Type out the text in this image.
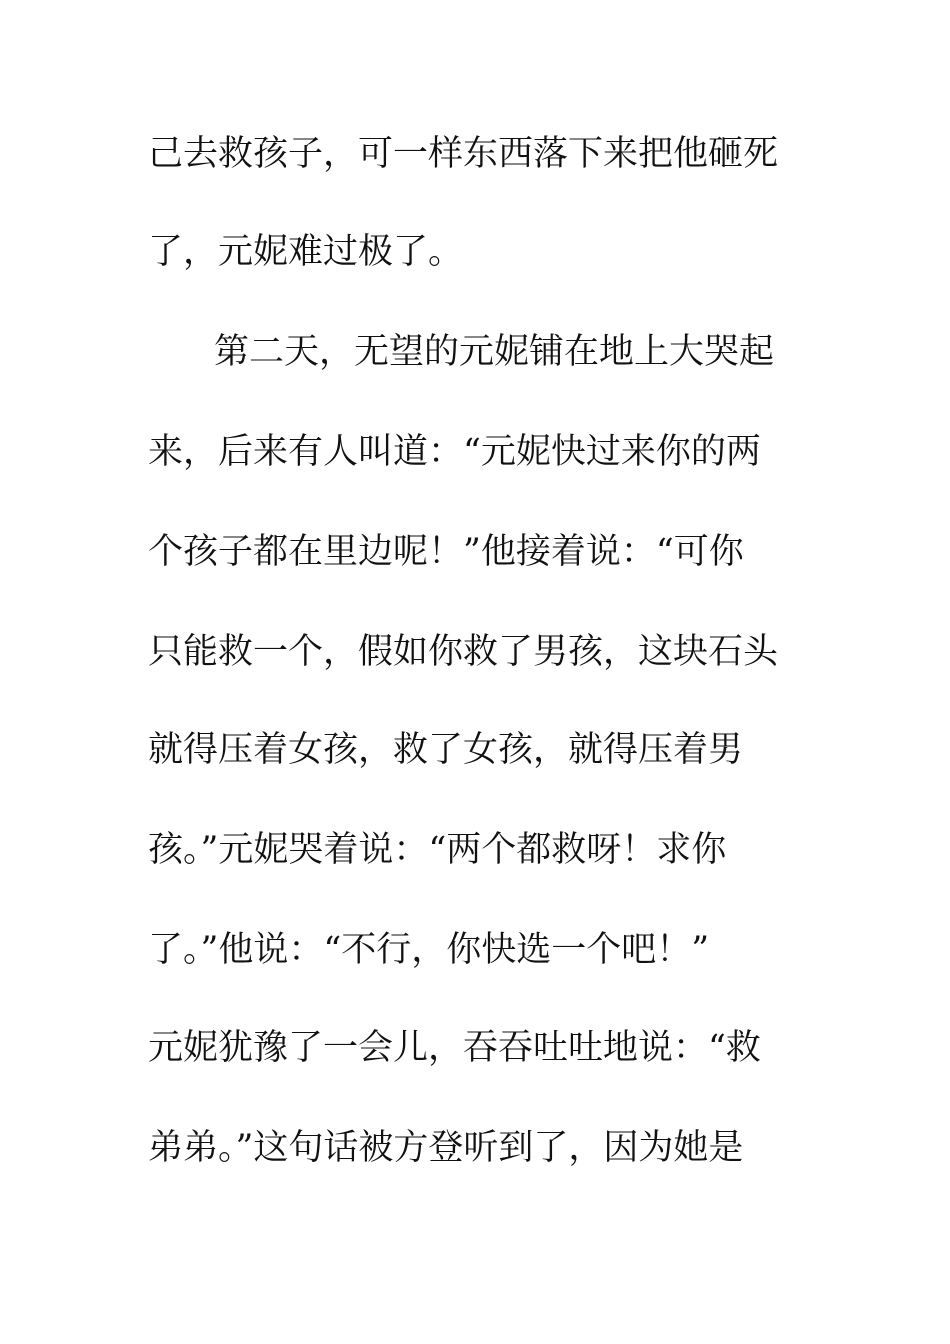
己去救孩子，可一样东西落下来把他砸死
了，元妮难过极了。
第二天，无望的元妮铺在地上大哭起
来，后来有人叫道：“元妮快过来你的两
个孩子都在里边呢！”他接着说：“可你
只能救一个，假如你救了男孩，这块石头
就得压着女孩，救了女孩，就得压着男
孩。”元妮哭着说：“两个都救呀！求你
了。”他说：“不行，你快选一个吧！”
元妮犹豫了一会儿，吞吞吐吐地说：“救
弟弟。”这句话被方登听到了，因为她是
